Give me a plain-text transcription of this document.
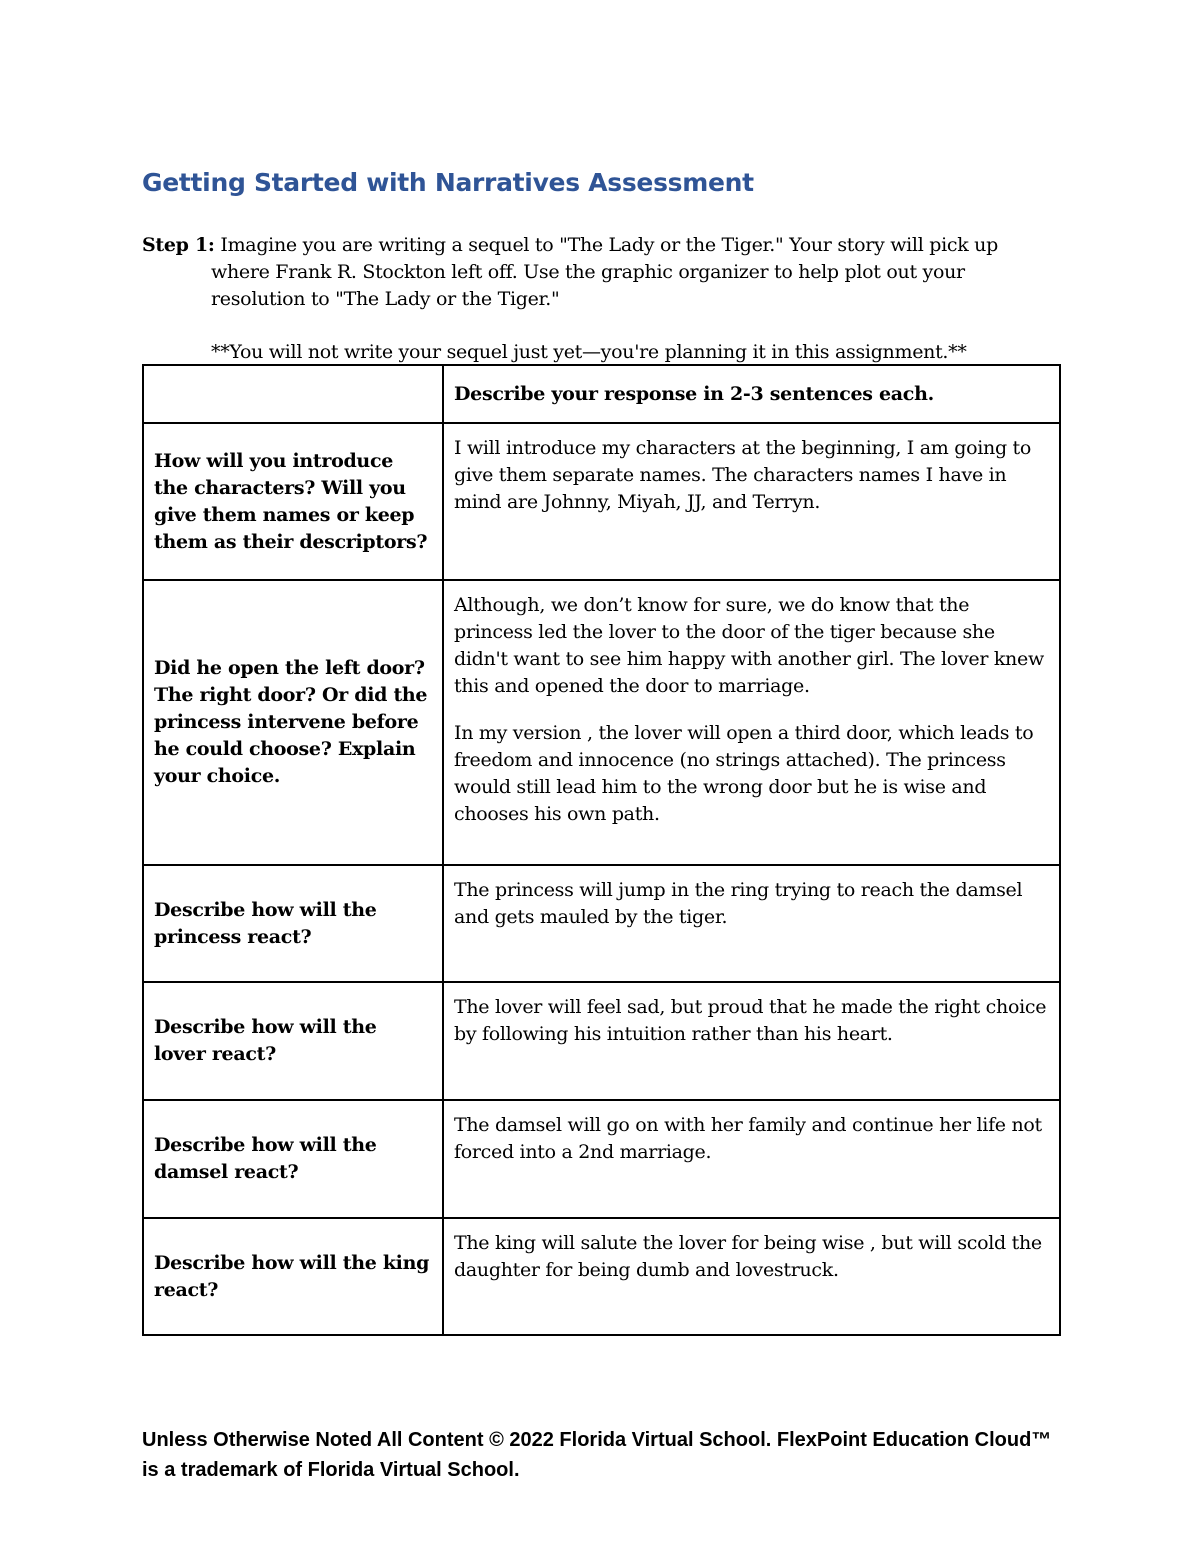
Getting Started with Narratives Assessment
Step 1: Imagine you are writing a sequel to "The Lady or the Tiger." Your story will pick up
where Frank R. Stockton left off. Use the graphic organizer to help plot out your
resolution to "The Lady or the Tiger."
**You will not write your sequel just yet—you're planning it in this assignment.**
	Describe your response in 2-3 sentences each.
How will you introduce the characters? Will you give them names or keep them as their descriptors?	I will introduce my characters at the beginning, I am going to give them separate names. The characters names I have in mind are Johnny, Miyah, JJ, and Terryn.

Did he open the left door? The right door? Or did the princess intervene before he could choose? Explain your choice.	Although, we don’t know for sure, we do know that the princess led the lover to the door of the tiger because she didn't want to see him happy with another girl. The lover knew this and opened the door to marriage.

In my version , the lover will open a third door, which leads to freedom and innocence (no strings attached). The princess would still lead him to the wrong door but he is wise and chooses his own path.

Describe how will the princess react?	The princess will jump in the ring trying to reach the damsel and gets mauled by the tiger.

Describe how will the lover react?	The lover will feel sad, but proud that he made the right choice by following his intuition rather than his heart.

Describe how will the damsel react?	The damsel will go on with her family and continue her life not forced into a 2nd marriage.

Describe how will the king react?	The king will salute the lover for being wise , but will scold the daughter for being dumb and lovestruck.

Unless Otherwise Noted All Content © 2022 Florida Virtual School. FlexPoint Education Cloud™
is a trademark of Florida Virtual School.
